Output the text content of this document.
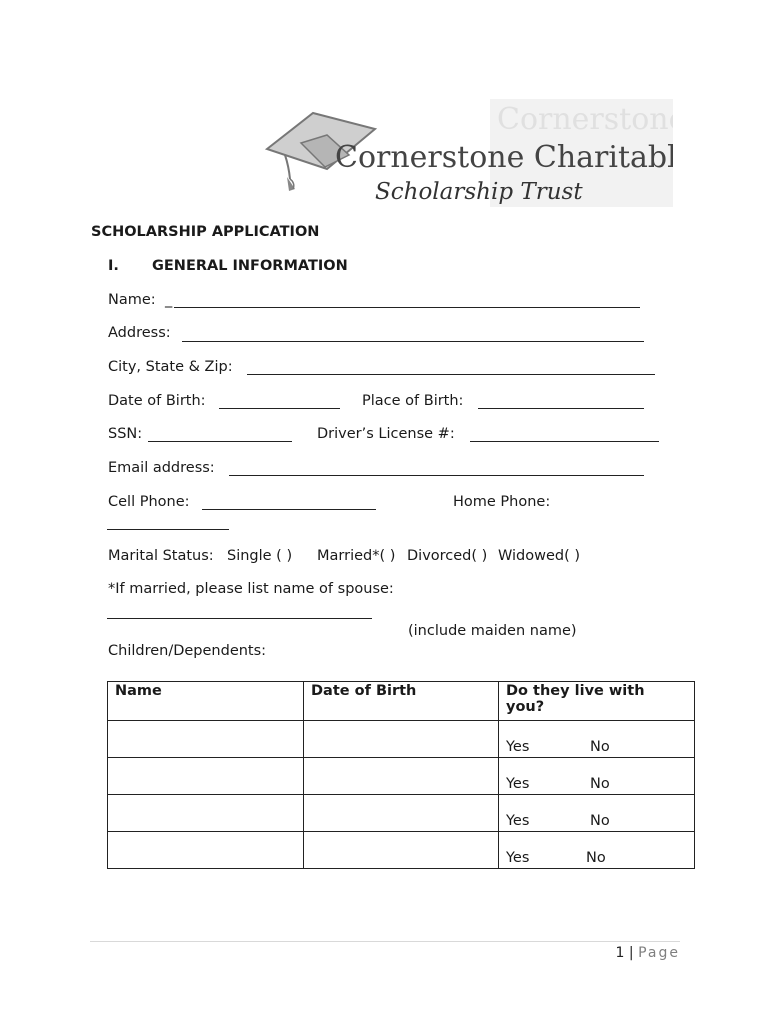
Cornerstone
Cornerstone Charitable
Scholarship Trust
SCHOLARSHIP APPLICATION
I. GENERAL INFORMATION
Name: _
Address:
City, State & Zip:
Date of Birth:	Place of Birth:
SSN:	Driver’s License #:
Email address:
Cell Phone:	Home Phone:
Marital Status: Single ( ) Married*( ) Divorced( ) Widowed( )
*If married, please list name of spouse:
(include maiden name)
Children/Dependents:
Name	Date of Birth	Do they live with you?

		Yes No

		Yes No

		Yes No

		Yes No
1 | Page
